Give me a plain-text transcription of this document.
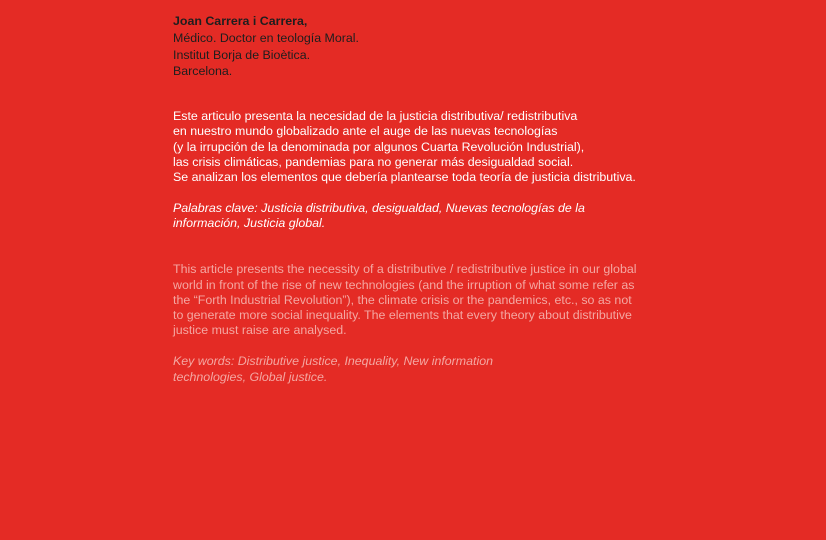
Joan Carrera i Carrera,
Médico. Doctor en teología Moral.
Institut Borja de Bioètica.
Barcelona.
Este articulo presenta la necesidad de la justicia distributiva/ redistributiva
en nuestro mundo globalizado ante el auge de las nuevas tecnologías
(y la irrupción de la denominada por algunos Cuarta Revolución Industrial),
las crisis climáticas, pandemias para no generar más desigualdad social.
Se analizan los elementos que debería plantearse toda teoría de justicia distributiva.
Palabras clave: Justicia distributiva, desigualdad, Nuevas tecnologías de la
información, Justicia global.
This article presents the necessity of a distributive / redistributive justice in our global
world in front of the rise of new technologies (and the irruption of what some refer as
the “Forth Industrial Revolution”), the climate crisis or the pandemics, etc., so as not
to generate more social inequality. The elements that every theory about distributive
justice must raise are analysed.
Key words: Distributive justice, Inequality, New information
technologies, Global justice.
